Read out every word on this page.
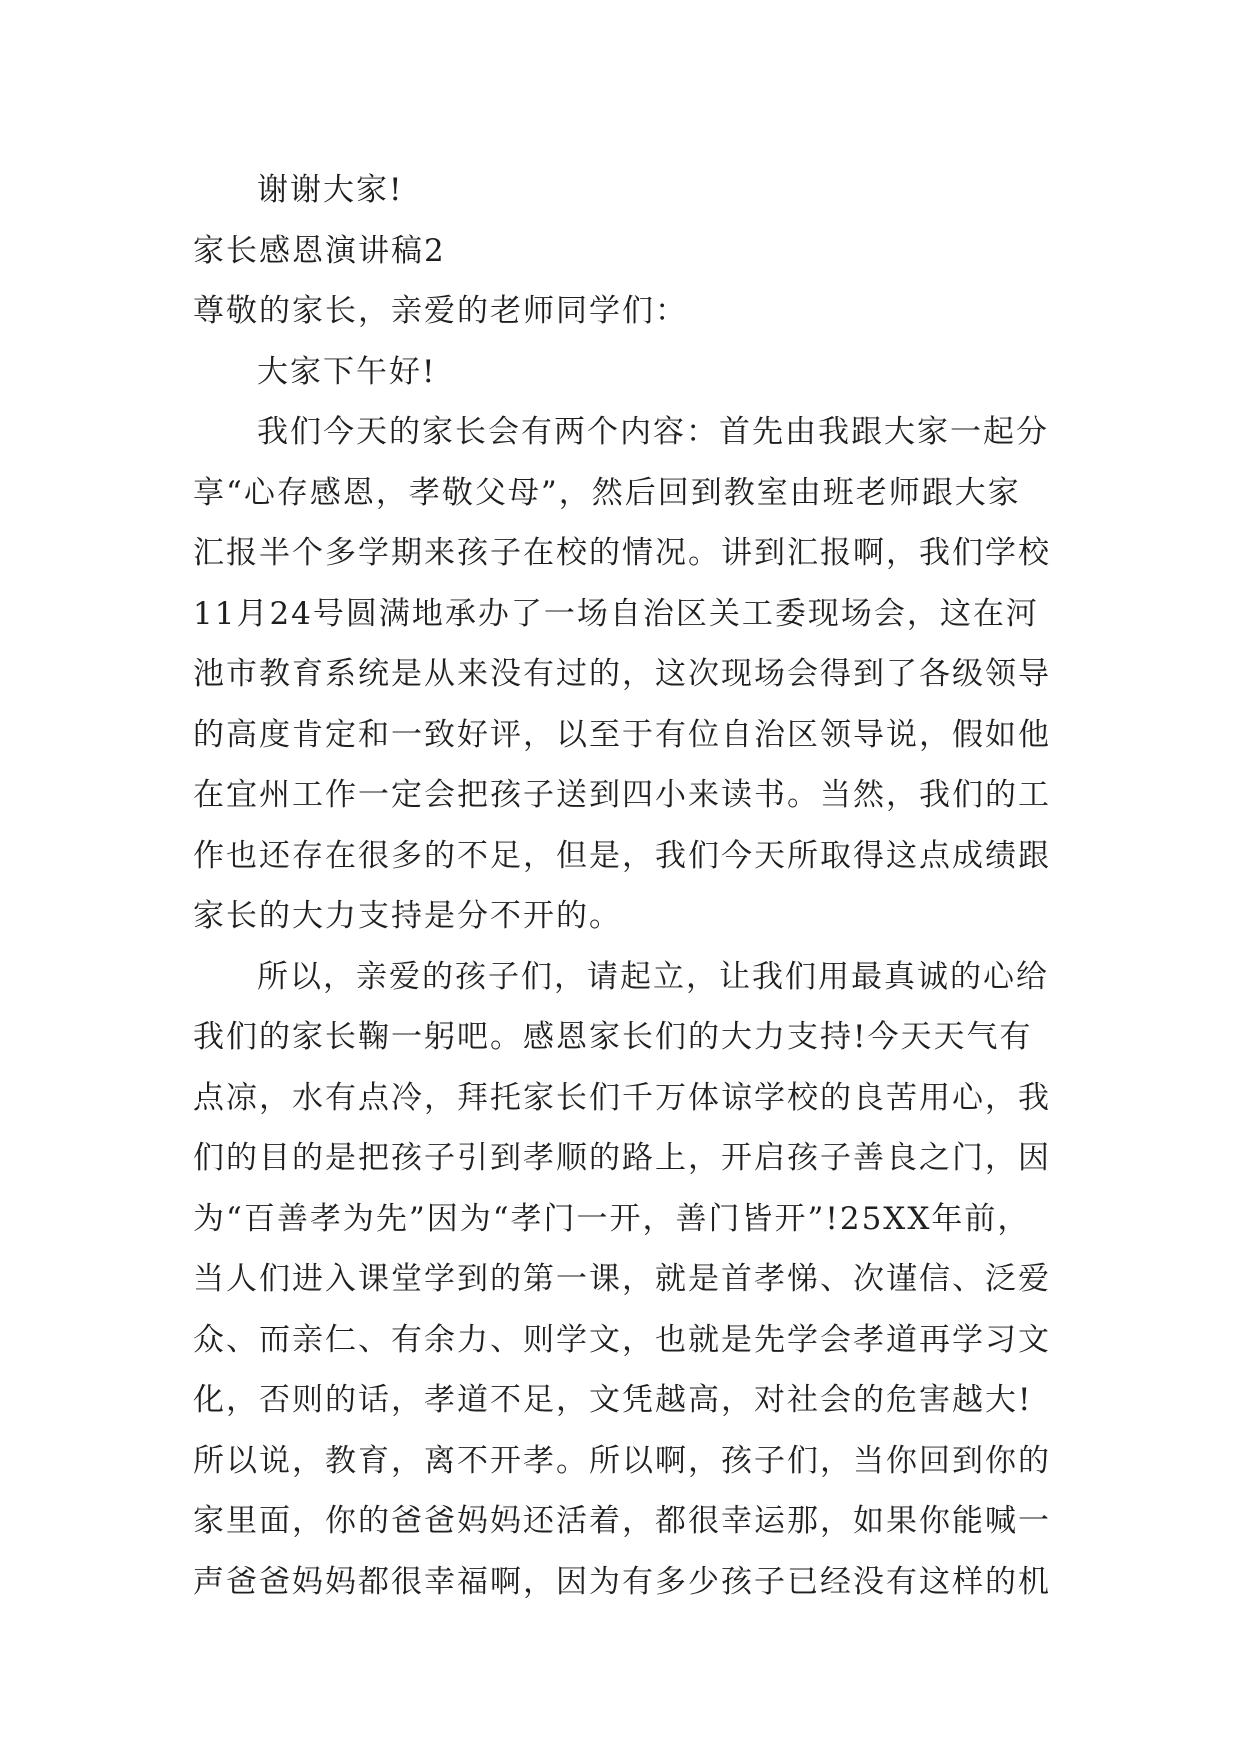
谢谢大家!
家长感恩演讲稿2
尊敬的家长，亲爱的老师同学们：
大家下午好!
我们今天的家长会有两个内容：首先由我跟大家一起分
享“心存感恩，孝敬父母”，然后回到教室由班老师跟大家
汇报半个多学期来孩子在校的情况。讲到汇报啊，我们学校
11月24号圆满地承办了一场自治区关工委现场会，这在河
池市教育系统是从来没有过的，这次现场会得到了各级领导
的高度肯定和一致好评，以至于有位自治区领导说，假如他
在宜州工作一定会把孩子送到四小来读书。当然，我们的工
作也还存在很多的不足，但是，我们今天所取得这点成绩跟
家长的大力支持是分不开的。
所以，亲爱的孩子们，请起立，让我们用最真诚的心给
我们的家长鞠一躬吧。感恩家长们的大力支持!今天天气有
点凉，水有点冷，拜托家长们千万体谅学校的良苦用心，我
们的目的是把孩子引到孝顺的路上，开启孩子善良之门，因
为“百善孝为先”因为“孝门一开，善门皆开”!25XX年前，
当人们进入课堂学到的第一课，就是首孝悌、次谨信、泛爱
众、而亲仁、有余力、则学文，也就是先学会孝道再学习文
化，否则的话，孝道不足，文凭越高，对社会的危害越大!
所以说，教育，离不开孝。所以啊，孩子们，当你回到你的
家里面，你的爸爸妈妈还活着，都很幸运那，如果你能喊一
声爸爸妈妈都很幸福啊，因为有多少孩子已经没有这样的机
